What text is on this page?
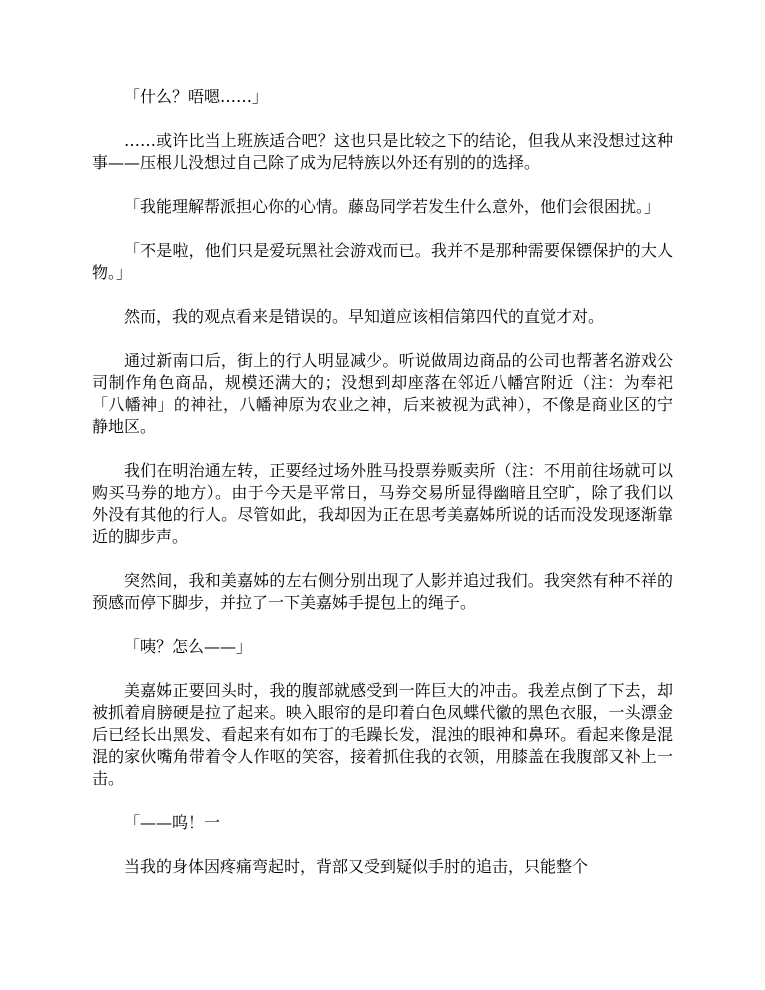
「什么？唔嗯……」

……或许比当上班族适合吧？这也只是比较之下的结论，但我从来没想过这种事——压根儿没想过自己除了成为尼特族以外还有别的的选择。

「我能理解帮派担心你的心情。藤岛同学若发生什么意外，他们会很困扰。」

「不是啦，他们只是爱玩黑社会游戏而已。我并不是那种需要保镖保护的大人物。」

然而，我的观点看来是错误的。早知道应该相信第四代的直觉才对。

通过新南口后，街上的行人明显减少。听说做周边商品的公司也帮著名游戏公司制作角色商品，规模还满大的；没想到却座落在邻近八幡宫附近（注：为奉祀「八幡神」的神社，八幡神原为农业之神，后来被视为武神），不像是商业区的宁静地区。

我们在明治通左转，正要经过场外胜马投票券贩卖所（注：不用前往场就可以购买马券的地方）。由于今天是平常日，马券交易所显得幽暗且空旷，除了我们以外没有其他的行人。尽管如此，我却因为正在思考美嘉姊所说的话而没发现逐渐靠近的脚步声。

突然间，我和美嘉姊的左右侧分别出现了人影并追过我们。我突然有种不祥的预感而停下脚步，并拉了一下美嘉姊手提包上的绳子。

「咦？怎么——」

美嘉姊正要回头时，我的腹部就感受到一阵巨大的冲击。我差点倒了下去，却被抓着肩膀硬是拉了起来。映入眼帘的是印着白色凤蝶代徽的黑色衣服，一头漂金后已经长出黑发、看起来有如布丁的毛躁长发，混浊的眼神和鼻环。看起来像是混混的家伙嘴角带着令人作呕的笑容，接着抓住我的衣领，用膝盖在我腹部又补上一击。

「——呜！一

当我的身体因疼痛弯起时，背部又受到疑似手肘的追击，只能整个
